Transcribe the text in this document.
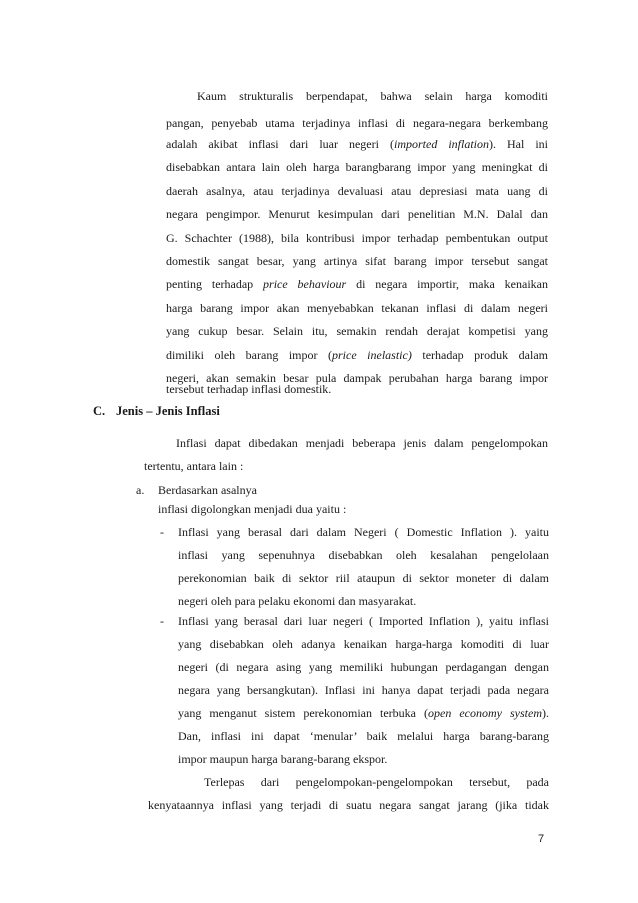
Kaum strukturalis berpendapat, bahwa selain harga komoditi
pangan, penyebab utama terjadinya inflasi di negara-negara berkembang
adalah akibat inflasi dari luar negeri (imported inflation). Hal ini
disebabkan antara lain oleh harga barangbarang impor yang meningkat di
daerah asalnya, atau terjadinya devaluasi atau depresiasi mata uang di
negara pengimpor. Menurut kesimpulan dari penelitian M.N. Dalal dan
G. Schachter (1988), bila kontribusi impor terhadap pembentukan output
domestik sangat besar, yang artinya sifat barang impor tersebut sangat
penting terhadap price behaviour di negara importir, maka kenaikan
harga barang impor akan menyebabkan tekanan inflasi di dalam negeri
yang cukup besar. Selain itu, semakin rendah derajat kompetisi yang
dimiliki oleh barang impor (price inelastic) terhadap produk dalam
negeri, akan semakin besar pula dampak perubahan harga barang impor
tersebut terhadap inflasi domestik.
C. Jenis – Jenis Inflasi
Inflasi dapat dibedakan menjadi beberapa jenis dalam pengelompokan
tertentu, antara lain :
a. Berdasarkan asalnya
inflasi digolongkan menjadi dua yaitu :
- Inflasi yang berasal dari dalam Negeri ( Domestic Inflation ). yaitu
inflasi yang sepenuhnya disebabkan oleh kesalahan pengelolaan
perekonomian baik di sektor riil ataupun di sektor moneter di dalam
negeri oleh para pelaku ekonomi dan masyarakat.
- Inflasi yang berasal dari luar negeri ( Imported Inflation ), yaitu inflasi
yang disebabkan oleh adanya kenaikan harga-harga komoditi di luar
negeri (di negara asing yang memiliki hubungan perdagangan dengan
negara yang bersangkutan). Inflasi ini hanya dapat terjadi pada negara
yang menganut sistem perekonomian terbuka (open economy system).
Dan, inflasi ini dapat ‘menular’ baik melalui harga barang-barang
impor maupun harga barang-barang ekspor.
Terlepas dari pengelompokan-pengelompokan tersebut, pada
kenyataannya inflasi yang terjadi di suatu negara sangat jarang (jika tidak
7
